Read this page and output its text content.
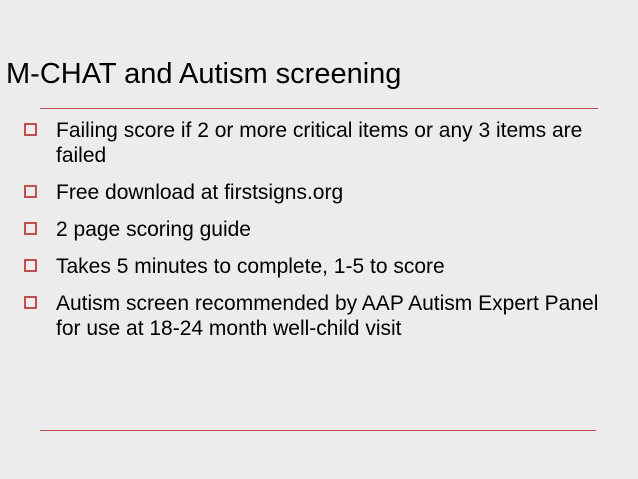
M-CHAT and Autism screening
Failing score if 2 or more critical items or any 3 items are failed
Free download at firstsigns.org
2 page scoring guide
Takes 5 minutes to complete, 1-5 to score
Autism screen recommended by AAP Autism Expert Panel for use at 18-24 month well-child visit
